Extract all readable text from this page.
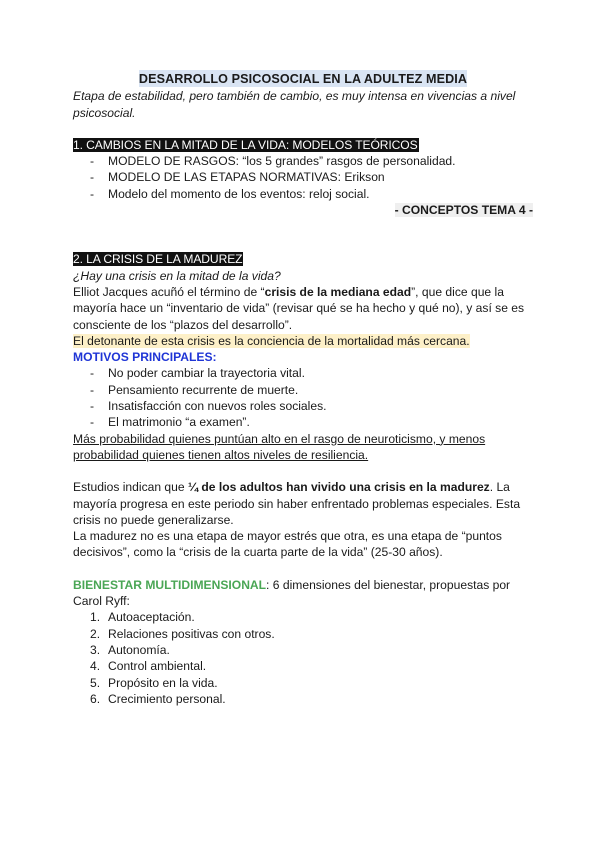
DESARROLLO PSICOSOCIAL EN LA ADULTEZ MEDIA

Etapa de estabilidad, pero también de cambio, es muy intensa en vivencias a nivel psicosocial.

1. CAMBIOS EN LA MITAD DE LA VIDA: MODELOS TEÓRICOS

- MODELO DE RASGOS: “los 5 grandes” rasgos de personalidad.
- MODELO DE LAS ETAPAS NORMATIVAS: Erikson
- Modelo del momento de los eventos: reloj social.

- CONCEPTOS TEMA 4 -

2. LA CRISIS DE LA MADUREZ

¿Hay una crisis en la mitad de la vida?

Elliot Jacques acuñó el término de “crisis de la mediana edad”, que dice que la mayoría hace un “inventario de vida” (revisar qué se ha hecho y qué no), y así se es consciente de los “plazos del desarrollo”.

El detonante de esta crisis es la conciencia de la mortalidad más cercana.

MOTIVOS PRINCIPALES:

- No poder cambiar la trayectoria vital.
- Pensamiento recurrente de muerte.
- Insatisfacción con nuevos roles sociales.
- El matrimonio “a examen”.

Más probabilidad quienes puntúan alto en el rasgo de neuroticismo, y menos probabilidad quienes tienen altos niveles de resiliencia.

Estudios indican que ¼ de los adultos han vivido una crisis en la madurez. La mayoría progresa en este periodo sin haber enfrentado problemas especiales. Esta crisis no puede generalizarse.

La madurez no es una etapa de mayor estrés que otra, es una etapa de “puntos decisivos”, como la “crisis de la cuarta parte de la vida” (25-30 años).

BIENESTAR MULTIDIMENSIONAL: 6 dimensiones del bienestar, propuestas por Carol Ryff:

1. Autoaceptación.
2. Relaciones positivas con otros.
3. Autonomía.
4. Control ambiental.
5. Propósito en la vida.
6. Crecimiento personal.
